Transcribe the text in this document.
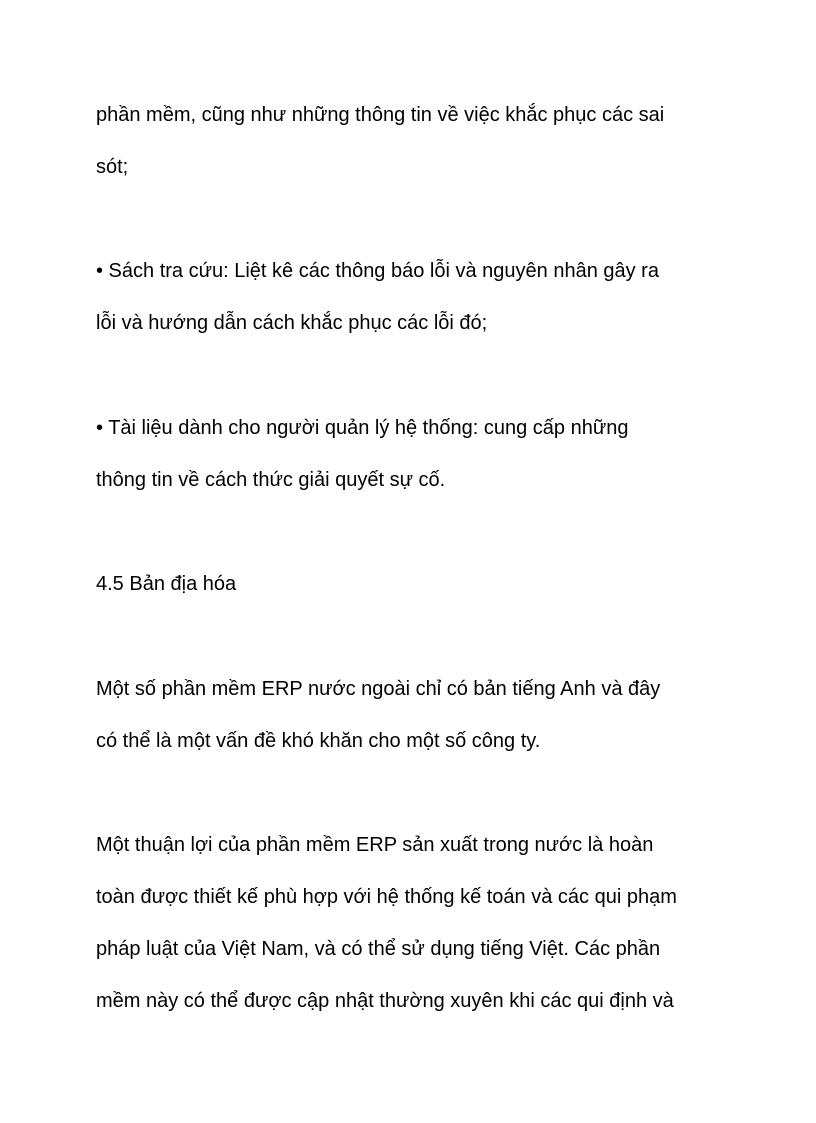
phần mềm, cũng như những thông tin về việc khắc phục các sai

sót;

• Sách tra cứu: Liệt kê các thông báo lỗi và nguyên nhân gây ra

lỗi và hướng dẫn cách khắc phục các lỗi đó;

• Tài liệu dành cho người quản lý hệ thống: cung cấp những

thông tin về cách thức giải quyết sự cố.

4.5 Bản địa hóa

Một số phần mềm ERP nước ngoài chỉ có bản tiếng Anh và đây

có thể là một vấn đề khó khăn cho một số công ty.

Một thuận lợi của phần mềm ERP sản xuất trong nước là hoàn

toàn được thiết kế phù hợp với hệ thống kế toán và các qui phạm

pháp luật của Việt Nam, và có thể sử dụng tiếng Việt. Các phần

mềm này có thể được cập nhật thường xuyên khi các qui định và
